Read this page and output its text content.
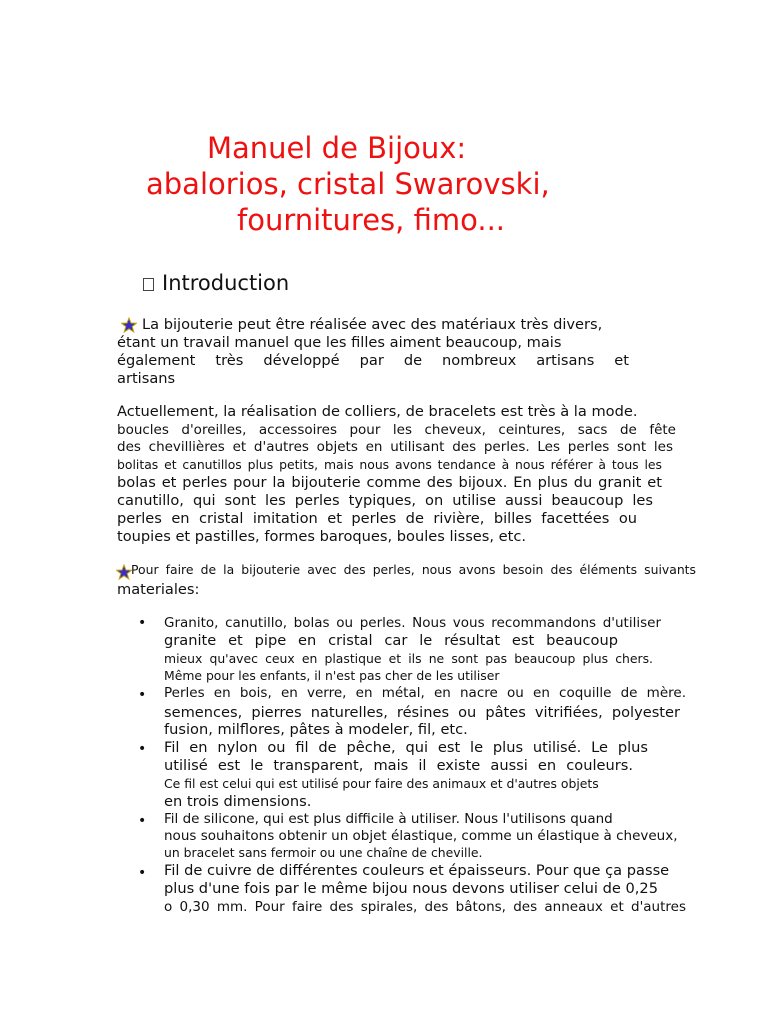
Manuel de Bijoux:
abalorios, cristal Swarovski,
fournitures, fimo...
Introduction
La bijouterie peut être réalisée avec des matériaux très divers,
étant un travail manuel que les filles aiment beaucoup, mais
également très développé par de nombreux artisans et
artisans
Actuellement, la réalisation de colliers, de bracelets est très à la mode.
boucles d'oreilles, accessoires pour les cheveux, ceintures, sacs de fête
des chevillières et d'autres objets en utilisant des perles. Les perles sont les
bolitas et canutillos plus petits, mais nous avons tendance à nous référer à tous les
bolas et perles pour la bijouterie comme des bijoux. En plus du granit et
canutillo, qui sont les perles typiques, on utilise aussi beaucoup les
perles en cristal imitation et perles de rivière, billes facettées ou
toupies et pastilles, formes baroques, boules lisses, etc.
Pour faire de la bijouterie avec des perles, nous avons besoin des éléments suivants
materiales:
• Granito, canutillo, bolas ou perles. Nous vous recommandons d'utiliser
granite et pipe en cristal car le résultat est beaucoup
mieux qu'avec ceux en plastique et ils ne sont pas beaucoup plus chers.
Même pour les enfants, il n'est pas cher de les utiliser
• Perles en bois, en verre, en métal, en nacre ou en coquille de mère.
semences, pierres naturelles, résines ou pâtes vitrifiées, polyester
fusion, milflores, pâtes à modeler, fil, etc.
• Fil en nylon ou fil de pêche, qui est le plus utilisé. Le plus
utilisé est le transparent, mais il existe aussi en couleurs.
Ce fil est celui qui est utilisé pour faire des animaux et d'autres objets
en trois dimensions.
• Fil de silicone, qui est plus difficile à utiliser. Nous l'utilisons quand
nous souhaitons obtenir un objet élastique, comme un élastique à cheveux,
un bracelet sans fermoir ou une chaîne de cheville.
• Fil de cuivre de différentes couleurs et épaisseurs. Pour que ça passe
plus d'une fois par le même bijou nous devons utiliser celui de 0,25
o 0,30 mm. Pour faire des spirales, des bâtons, des anneaux et d'autres
